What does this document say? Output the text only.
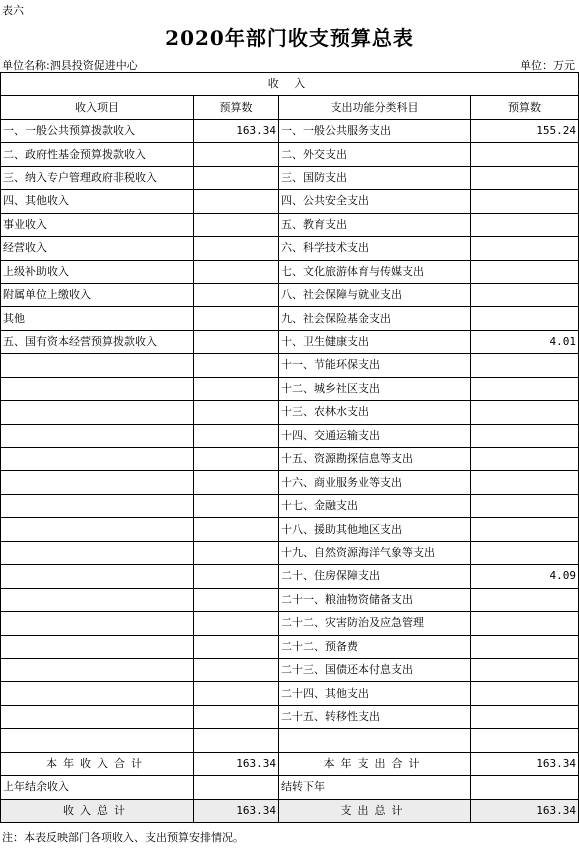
表六
2020年部门收支预算总表
单位名称:泗县投资促进中心	单位：万元
收 入			
收入项目	预算数	支出功能分类科目	预算数
一、一般公共预算拨款收入	163.34	一、一般公共服务支出	155.24
二、政府性基金预算拨款收入		二、外交支出	
三、纳入专户管理政府非税收入		三、国防支出	
四、其他收入		四、公共安全支出	
事业收入		五、教育支出	
经营收入		六、科学技术支出	
上级补助收入		七、文化旅游体育与传媒支出	
附属单位上缴收入		八、社会保障与就业支出	
其他		九、社会保险基金支出	
五、国有资本经营预算拨款收入		十、卫生健康支出	4.01
		十一、节能环保支出	
		十二、城乡社区支出	
		十三、农林水支出	
		十四、交通运输支出	
		十五、资源勘探信息等支出	
		十六、商业服务业等支出	
		十七、金融支出	
		十八、援助其他地区支出	
		十九、自然资源海洋气象等支出	
		二十、住房保障支出	4.09
		二十一、粮油物资储备支出	
		二十二、灾害防治及应急管理	
		二十二、预备费	
		二十三、国债还本付息支出	
		二十四、其他支出	
		二十五、转移性支出	

本年收入合计	163.34	本年支出合计	163.34
上年结余收入		结转下年	
收入总计	163.34	支出总计	163.34
注：本表反映部门各项收入、支出预算安排情况。
